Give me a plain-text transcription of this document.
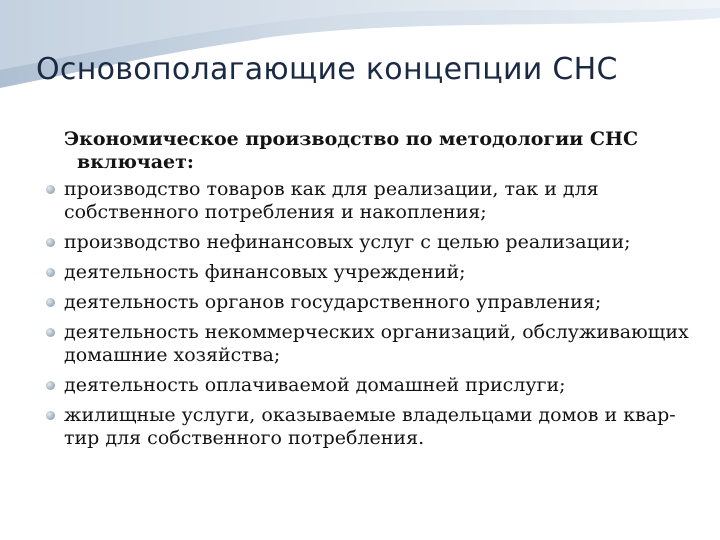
Основополагающие концепции СНС
Экономическое производство по методологии СНС
включает:
производство товаров как для реализации, так и для собственного потребления и накопления;
производство нефинансовых услуг с целью реализации;
деятельность финансовых учреждений;
деятельность органов государственного управления;
деятельность некоммерческих организаций, обслуживающих домашние хозяйства;
деятельность оплачиваемой домашней прислуги;
жилищные услуги, оказываемые владельцами домов и квар-тир для собственного потребления.
